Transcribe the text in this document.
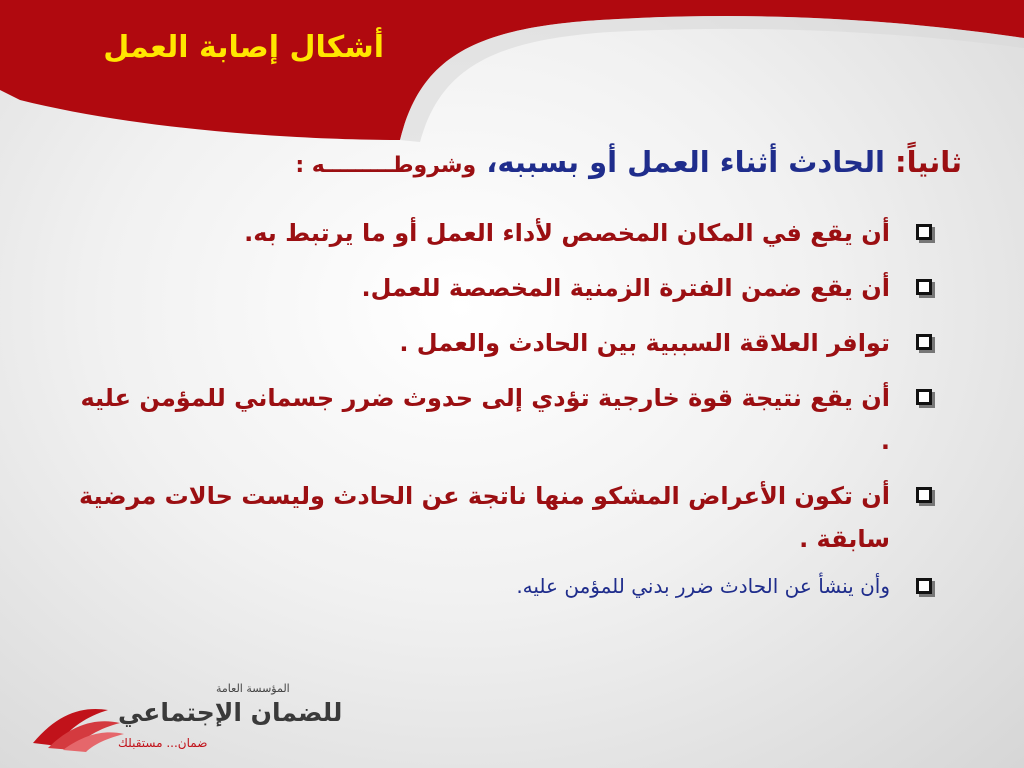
أشكال إصابة العمل
ثانياً: الحادث أثناء العمل أو بسببه، وشروطـــــــــه :
أن يقع في المكان المخصص لأداء العمل أو ما يرتبط به.
أن يقع ضمن الفترة الزمنية المخصصة للعمل.
توافر العلاقة السببية بين الحادث والعمل .
أن يقع نتيجة قوة خارجية تؤدي إلى حدوث ضرر جسماني للمؤمن عليه .
أن تكون الأعراض المشكو منها ناتجة عن الحادث وليست حالات مرضية سابقة .
وأن ينشأ عن الحادث ضرر بدني للمؤمن عليه.
المؤسسة العامة
للضمان الإجتماعي
ضمان... مستقبلك
